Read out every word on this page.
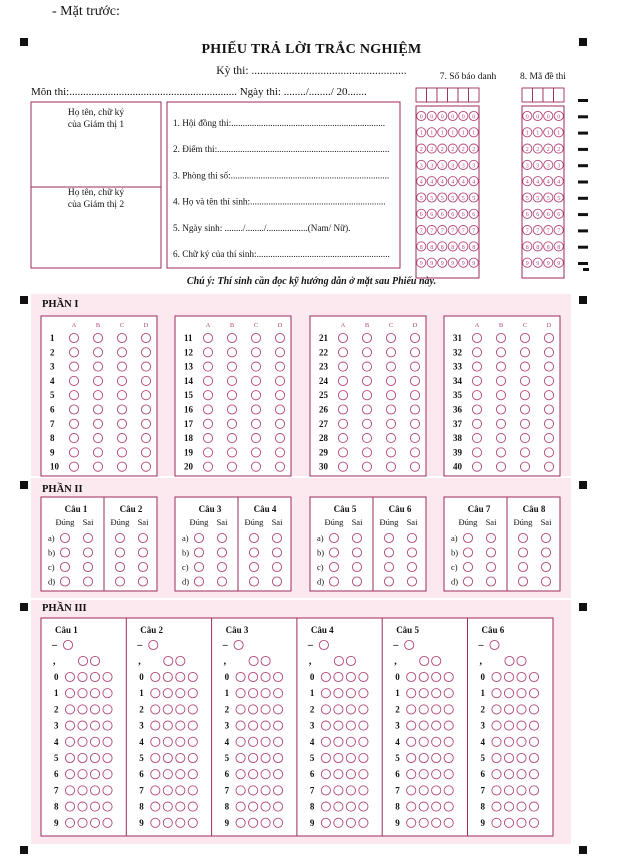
- Mặt trước:
PHIẾU TRẢ LỜI TRẮC NGHIỆM
Kỳ thi: ......................................................
Môn thi:............................................................. Ngày thi: ......../......../ 20.......
Chú ý: Thí sinh cần đọc kỹ hướng dẫn ở mặt sau Phiếu này.
Họ tên, chữ ký
của Giám thị 1
Họ tên, chữ ký
của Giám thị 2
1. Hội đồng thi:...................................................................
2. Điểm thi:...........................................................................
3. Phòng thi số:.....................................................................
4. Họ và tên thí sinh:...........................................................
5. Ngày sinh: ......../......../..................(Nam/ Nữ).
6. Chữ ký của thí sinh:..........................................................
7. Số báo danh	8. Mã đề thi
0
1
2
3
4
5
6
7
8
9
0
1
2
3
4
5
6
7
8
9
0
1
2
3
4
5
6
7
8
9
0
1
2
3
4
5
6
7
8
9
0
1
2
3
4
5
6
7
8
9
0
1
2
3
4
5
6
7
8
9
0
1
2
3
4
5
6
7
8
9
0
1
2
3
4
5
6
7
8
9
0
1
2
3
4
5
6
7
8
9
0
1
2
3
4
5
6
7
8
9
PHẦN I
A	B	C	D
1
2
3
4
5
6
7
8
9
10
A	B	C	D
11
12
13
14
15
16
17
18
19
20
A	B	C	D
21
22
23
24
25
26
27
28
29
30
A	B	C	D
31
32
33
34
35
36
37
38
39
40
PHẦN II
Câu 1
Đúng Sai
a)
b)
c)
d)
Câu 2
Đúng Sai
Câu 3
Đúng Sai
a)
b)
c)
d)
Câu 4
Đúng Sai
Câu 5
Đúng Sai
a)
b)
c)
d)
Câu 6
Đúng Sai
Câu 7
Đúng Sai
a)
b)
c)
d)
Câu 8
Đúng Sai
PHẦN III
Câu 1
–
,
0
1
2
3
4
5
6
7
8
9
Câu 2
–
,
0
1
2
3
4
5
6
7
8
9
Câu 3
–
,
0
1
2
3
4
5
6
7
8
9
Câu 4
–
,
0
1
2
3
4
5
6
7
8
9
Câu 5
–
,
0
1
2
3
4
5
6
7
8
9
Câu 6
–
,
0
1
2
3
4
5
6
7
8
9
